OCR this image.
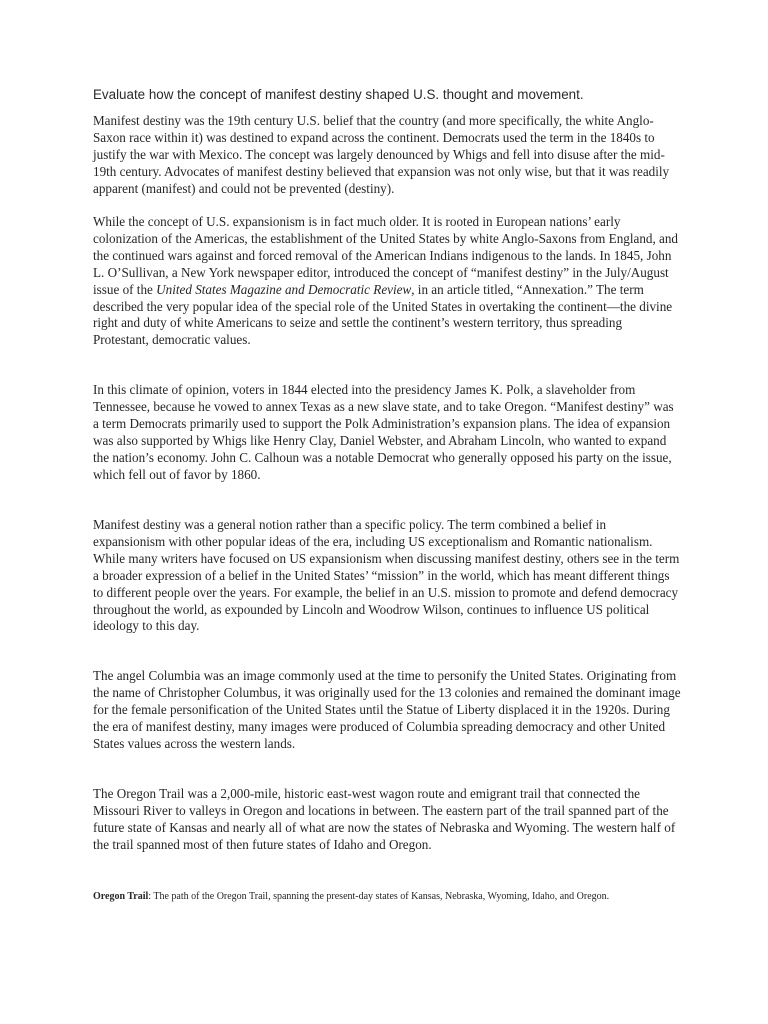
Evaluate how the concept of manifest destiny shaped U.S. thought and movement.

Manifest destiny was the 19th century U.S. belief that the country (and more specifically, the white Anglo-Saxon race within it) was destined to expand across the continent. Democrats used the term in the 1840s to justify the war with Mexico. The concept was largely denounced by Whigs and fell into disuse after the mid-19th century. Advocates of manifest destiny believed that expansion was not only wise, but that it was readily apparent (manifest) and could not be prevented (destiny).

While the concept of U.S. expansionism is in fact much older. It is rooted in European nations’ early colonization of the Americas, the establishment of the United States by white Anglo-Saxons from England, and the continued wars against and forced removal of the American Indians indigenous to the lands. In 1845, John L. O’Sullivan, a New York newspaper editor, introduced the concept of “manifest destiny” in the July/August issue of the United States Magazine and Democratic Review, in an article titled, “Annexation.” The term described the very popular idea of the special role of the United States in overtaking the continent—the divine right and duty of white Americans to seize and settle the continent’s western territory, thus spreading Protestant, democratic values.

In this climate of opinion, voters in 1844 elected into the presidency James K. Polk, a slaveholder from Tennessee, because he vowed to annex Texas as a new slave state, and to take Oregon. “Manifest destiny” was a term Democrats primarily used to support the Polk Administration’s expansion plans. The idea of expansion was also supported by Whigs like Henry Clay, Daniel Webster, and Abraham Lincoln, who wanted to expand the nation’s economy. John C. Calhoun was a notable Democrat who generally opposed his party on the issue, which fell out of favor by 1860.

Manifest destiny was a general notion rather than a specific policy. The term combined a belief in expansionism with other popular ideas of the era, including US exceptionalism and Romantic nationalism. While many writers have focused on US expansionism when discussing manifest destiny, others see in the term a broader expression of a belief in the United States’ “mission” in the world, which has meant different things to different people over the years. For example, the belief in an U.S. mission to promote and defend democracy throughout the world, as expounded by Lincoln and Woodrow Wilson, continues to influence US political ideology to this day.

The angel Columbia was an image commonly used at the time to personify the United States. Originating from the name of Christopher Columbus, it was originally used for the 13 colonies and remained the dominant image for the female personification of the United States until the Statue of Liberty displaced it in the 1920s. During the era of manifest destiny, many images were produced of Columbia spreading democracy and other United States values across the western lands.

The Oregon Trail was a 2,000-mile, historic east-west wagon route and emigrant trail that connected the Missouri River to valleys in Oregon and locations in between. The eastern part of the trail spanned part of the future state of Kansas and nearly all of what are now the states of Nebraska and Wyoming. The western half of the trail spanned most of then future states of Idaho and Oregon.

Oregon Trail: The path of the Oregon Trail, spanning the present-day states of Kansas, Nebraska, Wyoming, Idaho, and Oregon.
